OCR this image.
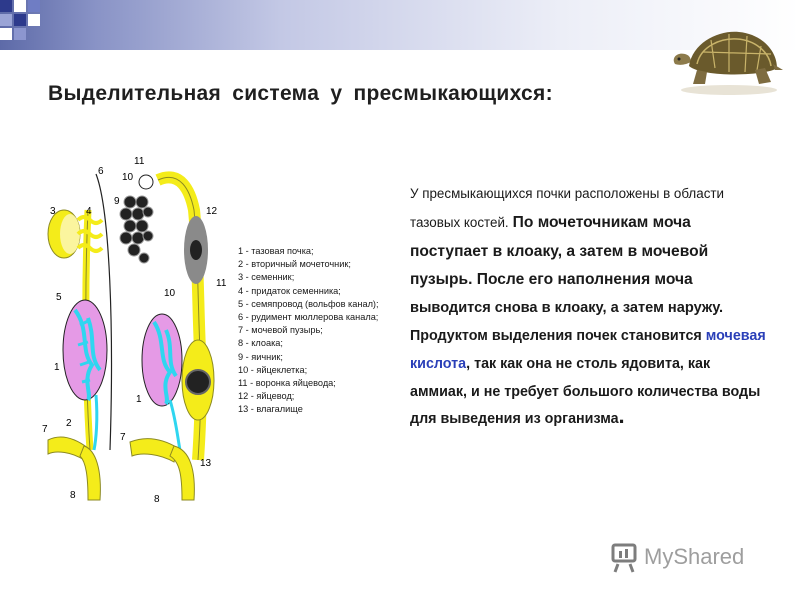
Выделительная система у пресмыкающихся:
3	4
6
5
1
2
7
8
11
10
9
12
10
11
1
7
13
8
1 - тазовая почка;
2 - вторичный мочеточник;
3 - семенник;
4 - придаток семенника;
5 - семяпровод (вольфов канал);
6 - рудимент мюллерова канала;
7 - мочевой пузырь;
8 - клоака;
9 - яичник;
10 - яйцеклетка;
11 - воронка яйцевода;
12 - яйцевод;
13 - влагалище

У пресмыкающихся почки расположены в области тазовых костей. По мочеточникам моча поступает в клоаку, а затем в мочевой пузырь. После его наполнения моча выводится снова в клоаку, а затем наружу. Продуктом выделения почек становится мочевая кислота, так как она не столь ядовита, как аммиак, и не требует большого количества воды для выведения из организма.

MyShared
